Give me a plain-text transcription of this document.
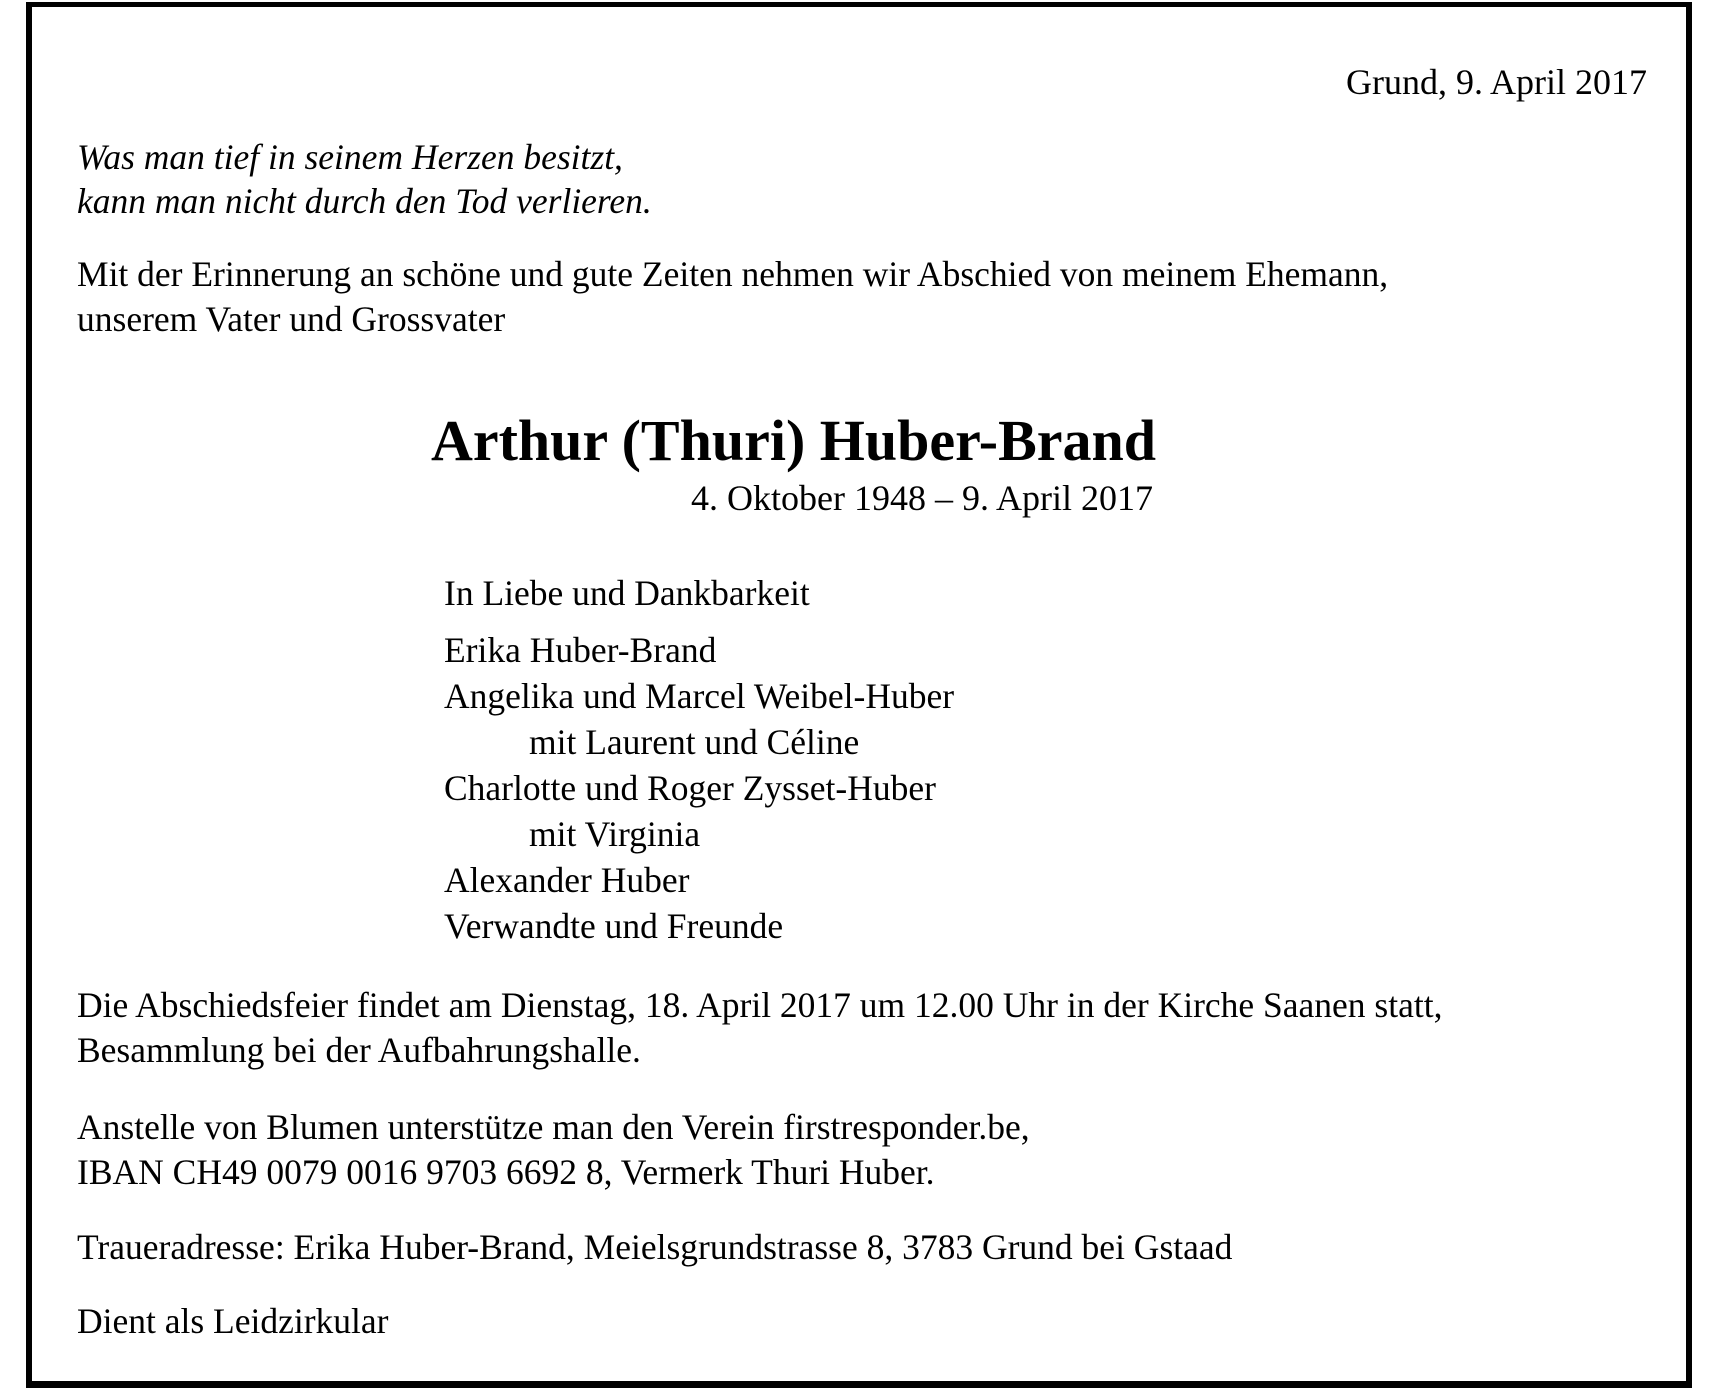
Grund, 9. April 2017
Was man tief in seinem Herzen besitzt,
kann man nicht durch den Tod verlieren.
Mit der Erinnerung an schöne und gute Zeiten nehmen wir Abschied von meinem Ehemann,
unserem Vater und Grossvater
Arthur (Thuri) Huber-Brand
4. Oktober 1948 – 9. April 2017
In Liebe und Dankbarkeit
Erika Huber-Brand
Angelika und Marcel Weibel-Huber
mit Laurent und Céline
Charlotte und Roger Zysset-Huber
mit Virginia
Alexander Huber
Verwandte und Freunde
Die Abschiedsfeier findet am Dienstag, 18. April 2017 um 12.00 Uhr in der Kirche Saanen statt,
Besammlung bei der Aufbahrungshalle.
Anstelle von Blumen unterstütze man den Verein firstresponder.be,
IBAN CH49 0079 0016 9703 6692 8, Vermerk Thuri Huber.
Traueradresse: Erika Huber-Brand, Meielsgrundstrasse 8, 3783 Grund bei Gstaad
Dient als Leidzirkular
